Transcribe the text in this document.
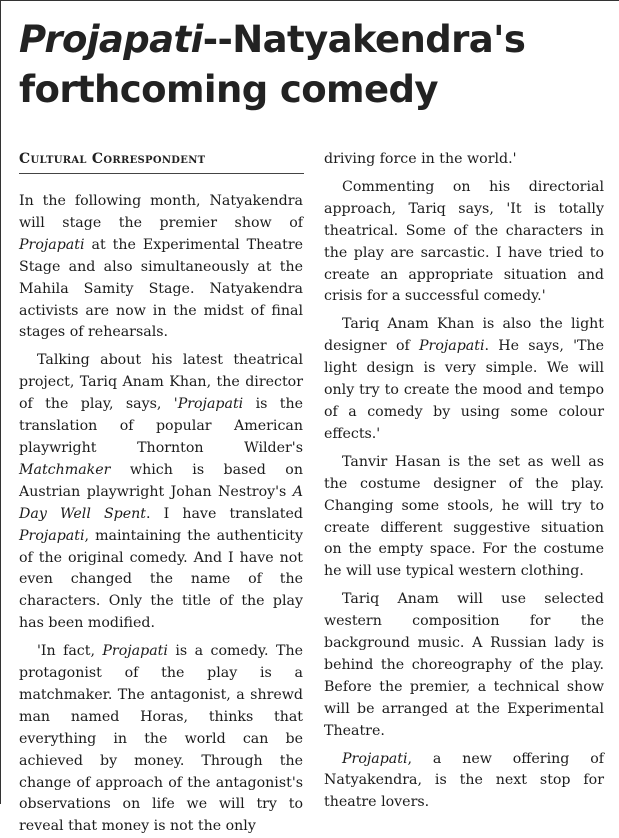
Projapati--Natyakendra's forthcoming comedy
Cultural Correspondent

In the following month, Natyakendra will stage the premier show of Projapati at the Experimental Theatre Stage and also simultaneously at the Mahila Samity Stage. Natyakendra activists are now in the midst of final stages of rehearsals.

Talking about his latest theatrical project, Tariq Anam Khan, the director of the play, says, 'Projapati is the translation of popular American playwright Thornton Wilder's Matchmaker which is based on Austrian playwright Johan Nestroy's A Day Well Spent. I have translated Projapati, maintaining the authenticity of the original comedy. And I have not even changed the name of the characters. Only the title of the play has been modified.

'In fact, Projapati is a comedy. The protagonist of the play is a matchmaker. The antagonist, a shrewd man named Horas, thinks that everything in the world can be achieved by money. Through the change of approach of the antagonist's observations on life we will try to reveal that money is not the only

driving force in the world.'

Commenting on his directorial approach, Tariq says, 'It is totally theatrical. Some of the characters in the play are sarcastic. I have tried to create an appropriate situation and crisis for a successful comedy.'

Tariq Anam Khan is also the light designer of Projapati. He says, 'The light design is very simple. We will only try to create the mood and tempo of a comedy by using some colour effects.'

Tanvir Hasan is the set as well as the costume designer of the play. Changing some stools, he will try to create different suggestive situation on the empty space. For the costume he will use typical western clothing.

Tariq Anam will use selected western composition for the background music. A Russian lady is behind the choreography of the play. Before the premier, a technical show will be arranged at the Experimental Theatre.

Projapati, a new offering of Natyakendra, is the next stop for theatre lovers.
